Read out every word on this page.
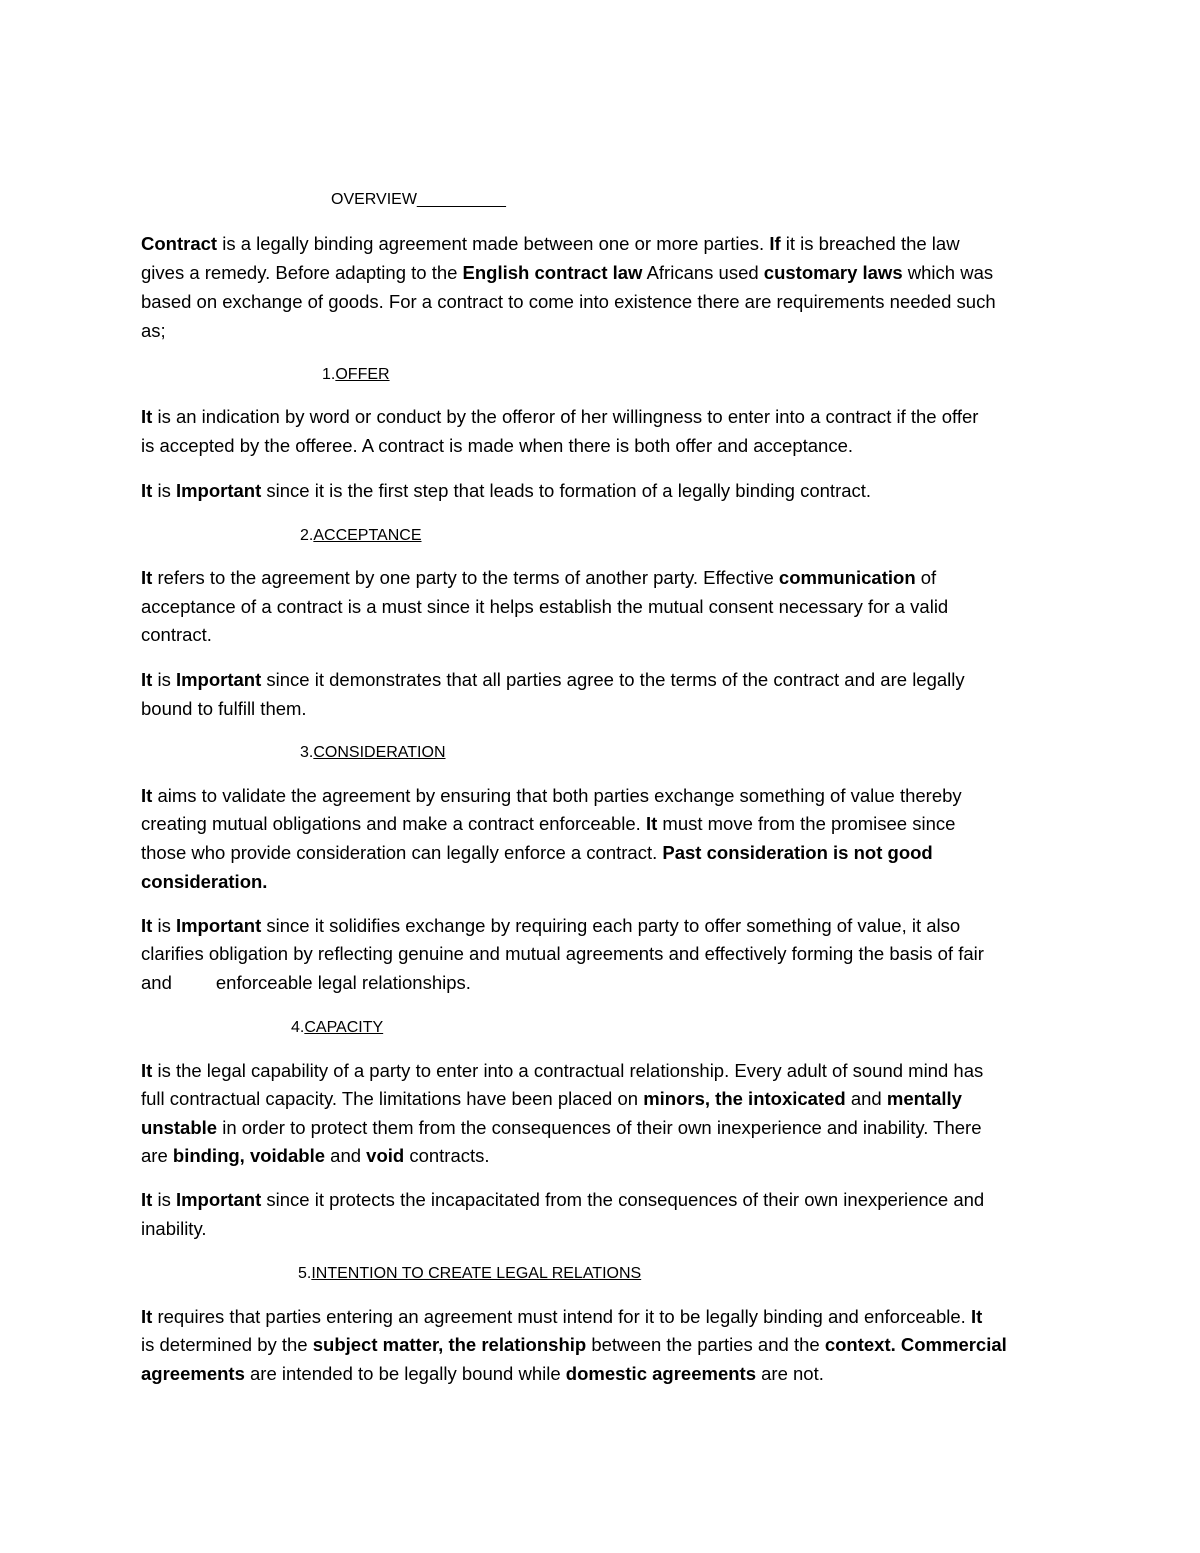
OVERVIEW__________
Contract is a legally binding agreement made between one or more parties. If it is breached the law
gives a remedy. Before adapting to the English contract law Africans used customary laws which was
based on exchange of goods. For a contract to come into existence there are requirements needed such
as;
1.OFFER
It is an indication by word or conduct by the offeror of her willingness to enter into a contract if the offer
is accepted by the offeree. A contract is made when there is both offer and acceptance.
It is Important since it is the first step that leads to formation of a legally binding contract.
2.ACCEPTANCE
It refers to the agreement by one party to the terms of another party. Effective communication of
acceptance of a contract is a must since it helps establish the mutual consent necessary for a valid
contract.
It is Important since it demonstrates that all parties agree to the terms of the contract and are legally
bound to fulfill them.
3.CONSIDERATION
It aims to validate the agreement by ensuring that both parties exchange something of value thereby
creating mutual obligations and make a contract enforceable. It must move from the promisee since
those who provide consideration can legally enforce a contract. Past consideration is not good
consideration.
It is Important since it solidifies exchange by requiring each party to offer something of value, it also
clarifies obligation by reflecting genuine and mutual agreements and effectively forming the basis of fair
and enforceable legal relationships.
4.CAPACITY
It is the legal capability of a party to enter into a contractual relationship. Every adult of sound mind has
full contractual capacity. The limitations have been placed on minors, the intoxicated and mentally
unstable in order to protect them from the consequences of their own inexperience and inability. There
are binding, voidable and void contracts.
It is Important since it protects the incapacitated from the consequences of their own inexperience and
inability.
5.INTENTION TO CREATE LEGAL RELATIONS
It requires that parties entering an agreement must intend for it to be legally binding and enforceable. It
is determined by the subject matter, the relationship between the parties and the context. Commercial
agreements are intended to be legally bound while domestic agreements are not.
